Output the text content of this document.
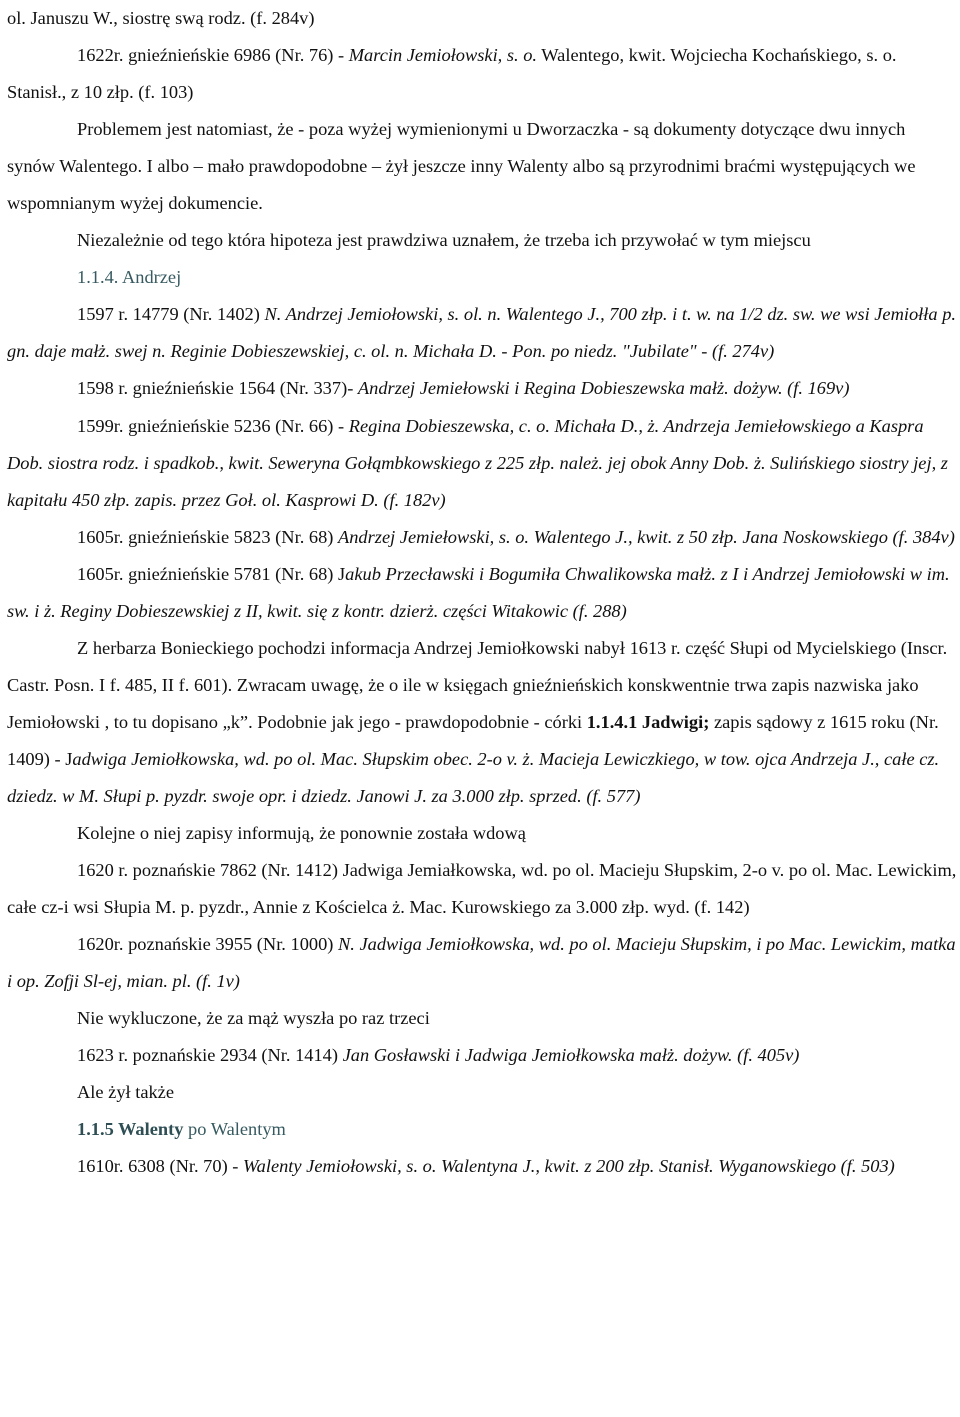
ol. Januszu W., siostrę swą rodz. (f. 284v)

1622r. gnieźnieńskie 6986 (Nr. 76) - Marcin Jemiołowski, s. o. Walentego, kwit. Wojciecha Kochańskiego, s. o. Stanisł., z 10 złp. (f. 103)

Problemem jest natomiast, że - poza wyżej wymienionymi u Dworzaczka - są dokumenty dotyczące dwu innych synów Walentego. I albo – mało prawdopodobne – żył jeszcze inny Walenty albo są przyrodnimi braćmi występujących we wspomnianym wyżej dokumencie.

Niezależnie od tego która hipoteza jest prawdziwa uznałem, że trzeba ich przywołać w tym miejscu

1.1.4. Andrzej

1597 r. 14779 (Nr. 1402) N. Andrzej Jemiołowski, s. ol. n. Walentego J., 700 złp. i t. w. na 1/2 dz. sw. we wsi Jemiołła p. gn. daje małż. swej n. Reginie Dobieszewskiej, c. ol. n. Michała D. - Pon. po niedz. "Jubilate" - (f. 274v)

1598 r. gnieźnieńskie 1564 (Nr. 337)- Andrzej Jemiełowski i Regina Dobieszewska małż. dożyw. (f. 169v)

1599r. gnieźnieńskie 5236 (Nr. 66) - Regina Dobieszewska, c. o. Michała D., ż. Andrzeja Jemiełowskiego a Kaspra Dob. siostra rodz. i spadkob., kwit. Seweryna Gołąmbkowskiego z 225 złp. należ. jej obok Anny Dob. ż. Sulińskiego siostry jej, z kapitału 450 złp. zapis. przez Goł. ol. Kasprowi D. (f. 182v)

1605r. gnieźnieńskie 5823 (Nr. 68) Andrzej Jemiełowski, s. o. Walentego J., kwit. z 50 złp. Jana Noskowskiego (f. 384v)

1605r. gnieźnieńskie 5781 (Nr. 68) Jakub Przecławski i Bogumiła Chwalikowska małż. z I i Andrzej Jemiołowski w im. sw. i ż. Reginy Dobieszewskiej z II, kwit. się z kontr. dzierż. części Witakowic (f. 288)

Z herbarza Bonieckiego pochodzi informacja Andrzej Jemiołkowski nabył 1613 r. część Słupi od Mycielskiego (Inscr. Castr. Posn. I f. 485, II f. 601). Zwracam uwagę, że o ile w księgach gnieźnieńskich konskwentnie trwa zapis nazwiska jako Jemiołowski , to tu dopisano „k”. Podobnie jak jego - prawdopodobnie - córki 1.1.4.1 Jadwigi; zapis sądowy z 1615 roku (Nr. 1409) - Jadwiga Jemiołkowska, wd. po ol. Mac. Słupskim obec. 2-o v. ż. Macieja Lewiczkiego, w tow. ojca Andrzeja J., całe cz. dziedz. w M. Słupi p. pyzdr. swoje opr. i dziedz. Janowi J. za 3.000 złp. sprzed. (f. 577)

Kolejne o niej zapisy informują, że ponownie została wdową

1620 r. poznańskie 7862 (Nr. 1412) Jadwiga Jemiałkowska, wd. po ol. Macieju Słupskim, 2-o v. po ol. Mac. Lewickim, całe cz-i wsi Słupia M. p. pyzdr., Annie z Kościelca ż. Mac. Kurowskiego za 3.000 złp. wyd. (f. 142)

1620r. poznańskie 3955 (Nr. 1000) N. Jadwiga Jemiołkowska, wd. po ol. Macieju Słupskim, i po Mac. Lewickim, matka i op. Zofji Sl-ej, mian. pl. (f. 1v)

Nie wykluczone, że za mąż wyszła po raz trzeci

1623 r. poznańskie 2934 (Nr. 1414) Jan Gosławski i Jadwiga Jemiołkowska małż. dożyw. (f. 405v)

Ale żył także

1.1.5 Walenty po Walentym

1610r. 6308 (Nr. 70) - Walenty Jemiołowski, s. o. Walentyna J., kwit. z 200 złp. Stanisł. Wyganowskiego (f. 503)
